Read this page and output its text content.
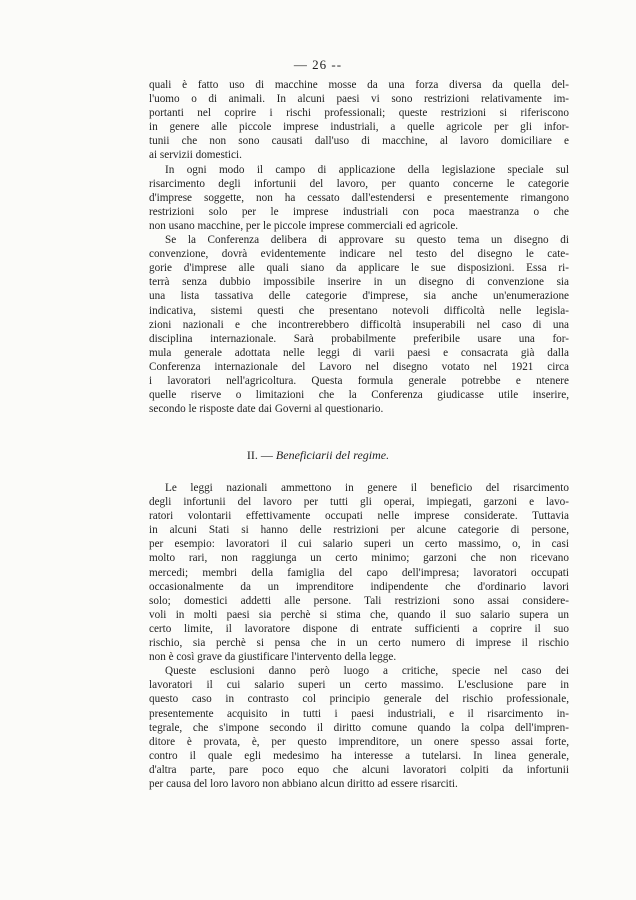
— 26 --

quali è fatto uso di macchine mosse da una forza diversa da quella del-

l'uomo o di animali. In alcuni paesi vi sono restrizioni relativamente im-

portanti nel coprire i rischi professionali; queste restrizioni si riferiscono

in genere alle piccole imprese industriali, a quelle agricole per gli infor-

tunii che non sono causati dall'uso di macchine, al lavoro domiciliare e

ai servizii domestici.

In ogni modo il campo di applicazione della legislazione speciale sul

risarcimento degli infortunii del lavoro, per quanto concerne le categorie

d'imprese soggette, non ha cessato dall'estendersi e presentemente rimangono

restrizioni solo per le imprese industriali con poca maestranza o che

non usano macchine, per le piccole imprese commerciali ed agricole.

Se la Conferenza delibera di approvare su questo tema un disegno di

convenzione, dovrà evidentemente indicare nel testo del disegno le cate-

gorie d'imprese alle quali siano da applicare le sue disposizioni. Essa ri-

terrà senza dubbio impossibile inserire in un disegno di convenzione sia

una lista tassativa delle categorie d'imprese, sia anche un'enumerazione

indicativa, sistemi questi che presentano notevoli difficoltà nelle legisla-

zioni nazionali e che incontrerebbero difficoltà insuperabili nel caso di una

disciplina internazionale. Sarà probabilmente preferibile usare una for-

mula generale adottata nelle leggi di varii paesi e consacrata già dalla

Conferenza internazionale del Lavoro nel disegno votato nel 1921 circa

i lavoratori nell'agricoltura. Questa formula generale potrebbe e ntenere

quelle riserve o limitazioni che la Conferenza giudicasse utile inserire,

secondo le risposte date dai Governi al questionario.

II. — Beneficiarii del regime.

Le leggi nazionali ammettono in genere il beneficio del risarcimento

degli infortunii del lavoro per tutti gli operai, impiegati, garzoni e lavo-

ratori volontarii effettivamente occupati nelle imprese considerate. Tuttavia

in alcuni Stati si hanno delle restrizioni per alcune categorie di persone,

per esempio: lavoratori il cui salario superi un certo massimo, o, in casi

molto rari, non raggiunga un certo minimo; garzoni che non ricevano

mercedi; membri della famiglia del capo dell'impresa; lavoratori occupati

occasionalmente da un imprenditore indipendente che d'ordinario lavori

solo; domestici addetti alle persone. Tali restrizioni sono assai considere-

voli in molti paesi sia perchè si stima che, quando il suo salario supera un

certo limite, il lavoratore dispone di entrate sufficienti a coprire il suo

rischio, sia perchè si pensa che in un certo numero di imprese il rischio

non è così grave da giustificare l'intervento della legge.

Queste esclusioni danno però luogo a critiche, specie nel caso dei

lavoratori il cui salario superi un certo massimo. L'esclusione pare in

questo caso in contrasto col principio generale del rischio professionale,

presentemente acquisito in tutti i paesi industriali, e il risarcimento in-

tegrale, che s'impone secondo il diritto comune quando la colpa dell'impren-

ditore è provata, è, per questo imprenditore, un onere spesso assai forte,

contro il quale egli medesimo ha interesse a tutelarsi. In linea generale,

d'altra parte, pare poco equo che alcuni lavoratori colpiti da infortunii

per causa del loro lavoro non abbiano alcun diritto ad essere risarciti.
